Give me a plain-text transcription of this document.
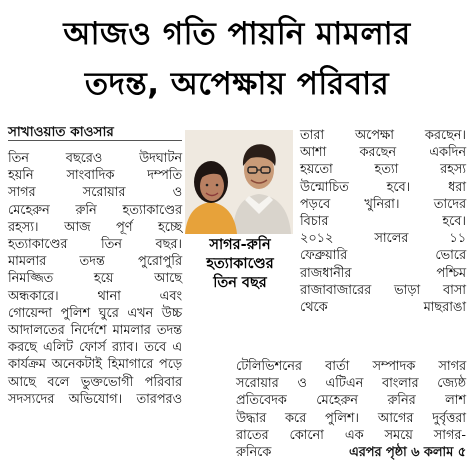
আজও গতি পায়নি মামলার
তদন্ত, অপেক্ষায় পরিবার
সাখাওয়াত কাওসার
তিন বছরেও উদঘাটন
হয়নি সাংবাদিক দম্পতি
সাগর সরোয়ার ও
মেহেরুন রুনি হত্যাকাণ্ডের
রহস্য। আজ পূর্ণ হচ্ছে
হত্যাকাণ্ডের তিন বছর।
মামলার তদন্ত পুরোপুরি
নিমজ্জিত হয়ে আছে
অন্ধকারে। থানা এবং
গোয়েন্দা পুলিশ ঘুরে এখন উচ্চ
আদালতের নির্দেশে মামলার তদন্ত
করছে এলিট ফোর্স র‌্যাব। তবে এ
কার্যক্রম অনেকটাই হিমাগারে পড়ে
আছে বলে ভুক্তভোগী পরিবার
সদস্যদের অভিযোগ। তারপরও
সাগর-রুনি
হত্যাকাণ্ডের
তিন বছর
তারা অপেক্ষা করছেন।
আশা করছেন একদিন
হয়তো হত্যা রহস্য
উন্মোচিত হবে। ধরা
পড়বে খুনিরা। তাদের
বিচার হবে।
২০১২ সালের ১১
ফেব্রুয়ারি ভোরে
রাজধানীর পশ্চিম
রাজাবাজারের ভাড়া বাসা
থেকে মাছরাঙা
টেলিভিশনের বার্তা সম্পাদক সাগর
সরোয়ার ও এটিএন বাংলার জ্যেষ্ঠ
প্রতিবেদক মেহেরুন রুনির লাশ
উদ্ধার করে পুলিশ। আগের দুর্বৃত্তরা
রাতের কোনো এক সময়ে সাগর-
রুনিকে	এরপর পৃষ্ঠা ৬ কলাম ৫
